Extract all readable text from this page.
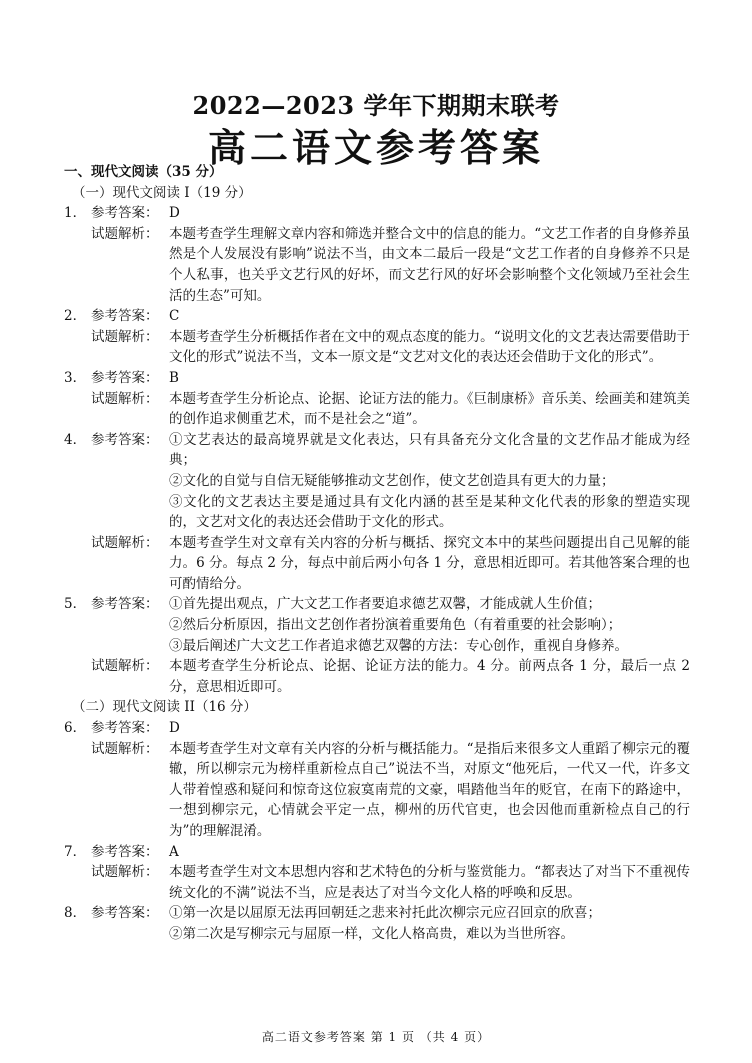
2022—2023 学年下期期末联考
高二语文参考答案
一、现代文阅读（35 分）
（一）现代文阅读 I（19 分）
1． 参考答案： D
试题解析： 本题考查学生理解文章内容和筛选并整合文中的信息的能力。“文艺工作者的自身修养虽然是个人发展没有影响”说法不当，由文本二最后一段是“文艺工作者的自身修养不只是个人私事，也关乎文艺行风的好坏，而文艺行风的好坏会影响整个文化领域乃至社会生活的生态”可知。
2． 参考答案： C
试题解析： 本题考查学生分析概括作者在文中的观点态度的能力。“说明文化的文艺表达需要借助于文化的形式”说法不当，文本一原文是“文艺对文化的表达还会借助于文化的形式”。
3． 参考答案： B
试题解析： 本题考查学生分析论点、论据、论证方法的能力。《巨制康桥》音乐美、绘画美和建筑美的创作追求侧重艺术，而不是社会之“道”。
4． 参考答案： ①文艺表达的最高境界就是文化表达，只有具备充分文化含量的文艺作品才能成为经典；
②文化的自觉与自信无疑能够推动文艺创作，使文艺创造具有更大的力量；
③文化的文艺表达主要是通过具有文化内涵的甚至是某种文化代表的形象的塑造实现的，文艺对文化的表达还会借助于文化的形式。
试题解析： 本题考查学生对文章有关内容的分析与概括、探究文本中的某些问题提出自己见解的能力。6 分。每点 2 分，每点中前后两小句各 1 分，意思相近即可。若其他答案合理的也可酌情给分。
5． 参考答案： ①首先提出观点，广大文艺工作者要追求德艺双馨，才能成就人生价值；
②然后分析原因，指出文艺创作者扮演着重要角色（有着重要的社会影响）；
③最后阐述广大文艺工作者追求德艺双馨的方法：专心创作，重视自身修养。
试题解析： 本题考查学生分析论点、论据、论证方法的能力。4 分。前两点各 1 分，最后一点 2 分，意思相近即可。
（二）现代文阅读 II（16 分）
6． 参考答案： D
试题解析： 本题考查学生对文章有关内容的分析与概括能力。“是指后来很多文人重蹈了柳宗元的覆辙，所以柳宗元为榜样重新检点自己”说法不当，对原文“他死后，一代又一代，许多文人带着惶惑和疑问和惊奇这位寂寞南荒的文豪，唱踏他当年的贬官，在南下的路途中，一想到柳宗元，心情就会平定一点，柳州的历代官吏，也会因他而重新检点自己的行为”的理解混淆。
7． 参考答案： A
试题解析： 本题考查学生对文本思想内容和艺术特色的分析与鉴赏能力。“都表达了对当下不重视传统文化的不满”说法不当，应是表达了对当今文化人格的呼唤和反思。
8． 参考答案： ①第一次是以屈原无法再回朝廷之悲来衬托此次柳宗元应召回京的欣喜；
②第二次是写柳宗元与屈原一样，文化人格高贵，难以为当世所容。
高二语文参考答案 第 1 页 （共 4 页）
